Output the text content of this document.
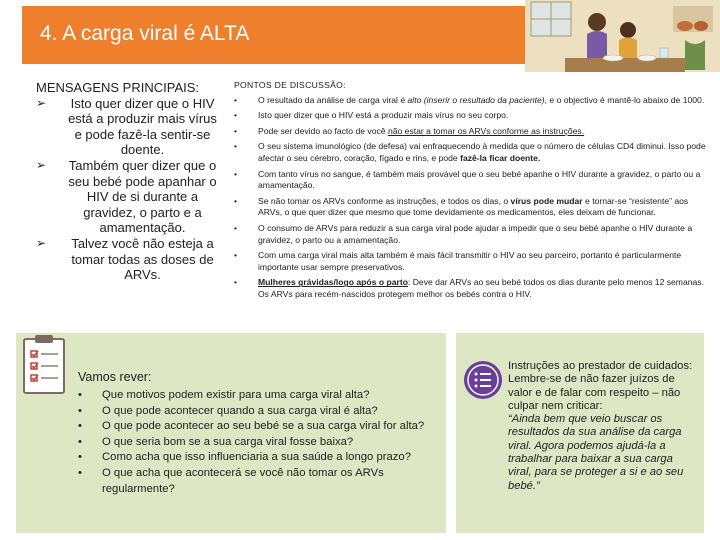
4. A carga viral é ALTA
MENSAGENS PRINCIPAIS:
➢	Isto quer dizer que o HIV está a produzir mais vírus e pode fazê-la sentir-se doente.
➢	Também quer dizer que o seu bebé pode apanhar o HIV de si durante a gravidez, o parto e a amamentação.
➢	Talvez você não esteja a tomar todas as doses de ARVs.
PONTOS DE DISCUSSÃO:
• O resultado da análise de carga viral é alto (inserir o resultado da paciente), e o objectivo é mantê-lo abaixo de 1000.
• Isto quer dizer que o HIV está a produzir mais vírus no seu corpo.
• Pode ser devido ao facto de você não estar a tomar os ARVs conforme as instruções.
• O seu sistema imunológico (de defesa) vai enfraquecendo à medida que o número de células CD4 diminui. Isso pode afectar o seu cérebro, coração, fígado e rins, e pode fazê-la ficar doente.
• Com tanto vírus no sangue, é também mais provável que o seu bebé apanhe o HIV durante a gravidez, o parto ou a amamentação.
• Se não tomar os ARVs conforme as instruções, e todos os dias, o vírus pode mudar e tornar-se “resistente” aos ARVs, o que quer dizer que mesmo que tome devidamente os medicamentos, eles deixam de funcionar.
• O consumo de ARVs para reduzir a sua carga viral pode ajudar a impedir que o seu bebé apanhe o HIV durante a gravidez, o parto ou a amamentação.
• Com uma carga viral mais alta também é mais fácil transmitir o HIV ao seu parceiro, portanto é particularmente importante usar sempre preservativos.
• Mulheres grávidas/logo após o parto: Deve dar ARVs ao seu bebé todos os dias durante pelo menos 12 semanas. Os ARVs para recém-nascidos protegem melhor os bebés contra o HIV.
Vamos rever:
• Que motivos podem existir para uma carga viral alta?
• O que pode acontecer quando a sua carga viral é alta?
• O que pode acontecer ao seu bebé se a sua carga viral for alta?
• O que seria bom se a sua carga viral fosse baixa?
• Como acha que isso influenciaria a sua saúde a longo prazo?
• O que acha que acontecerá se você não tomar os ARVs regularmente?

Instruções ao prestador de cuidados:

Lembre-se de não fazer juízos de valor e de falar com respeito – não culpar nem criticar:

“Ainda bem que veio buscar os resultados da sua análise da carga viral. Agora podemos ajudá-la a trabalhar para baixar a sua carga viral, para se proteger a si e ao seu bebé.”
